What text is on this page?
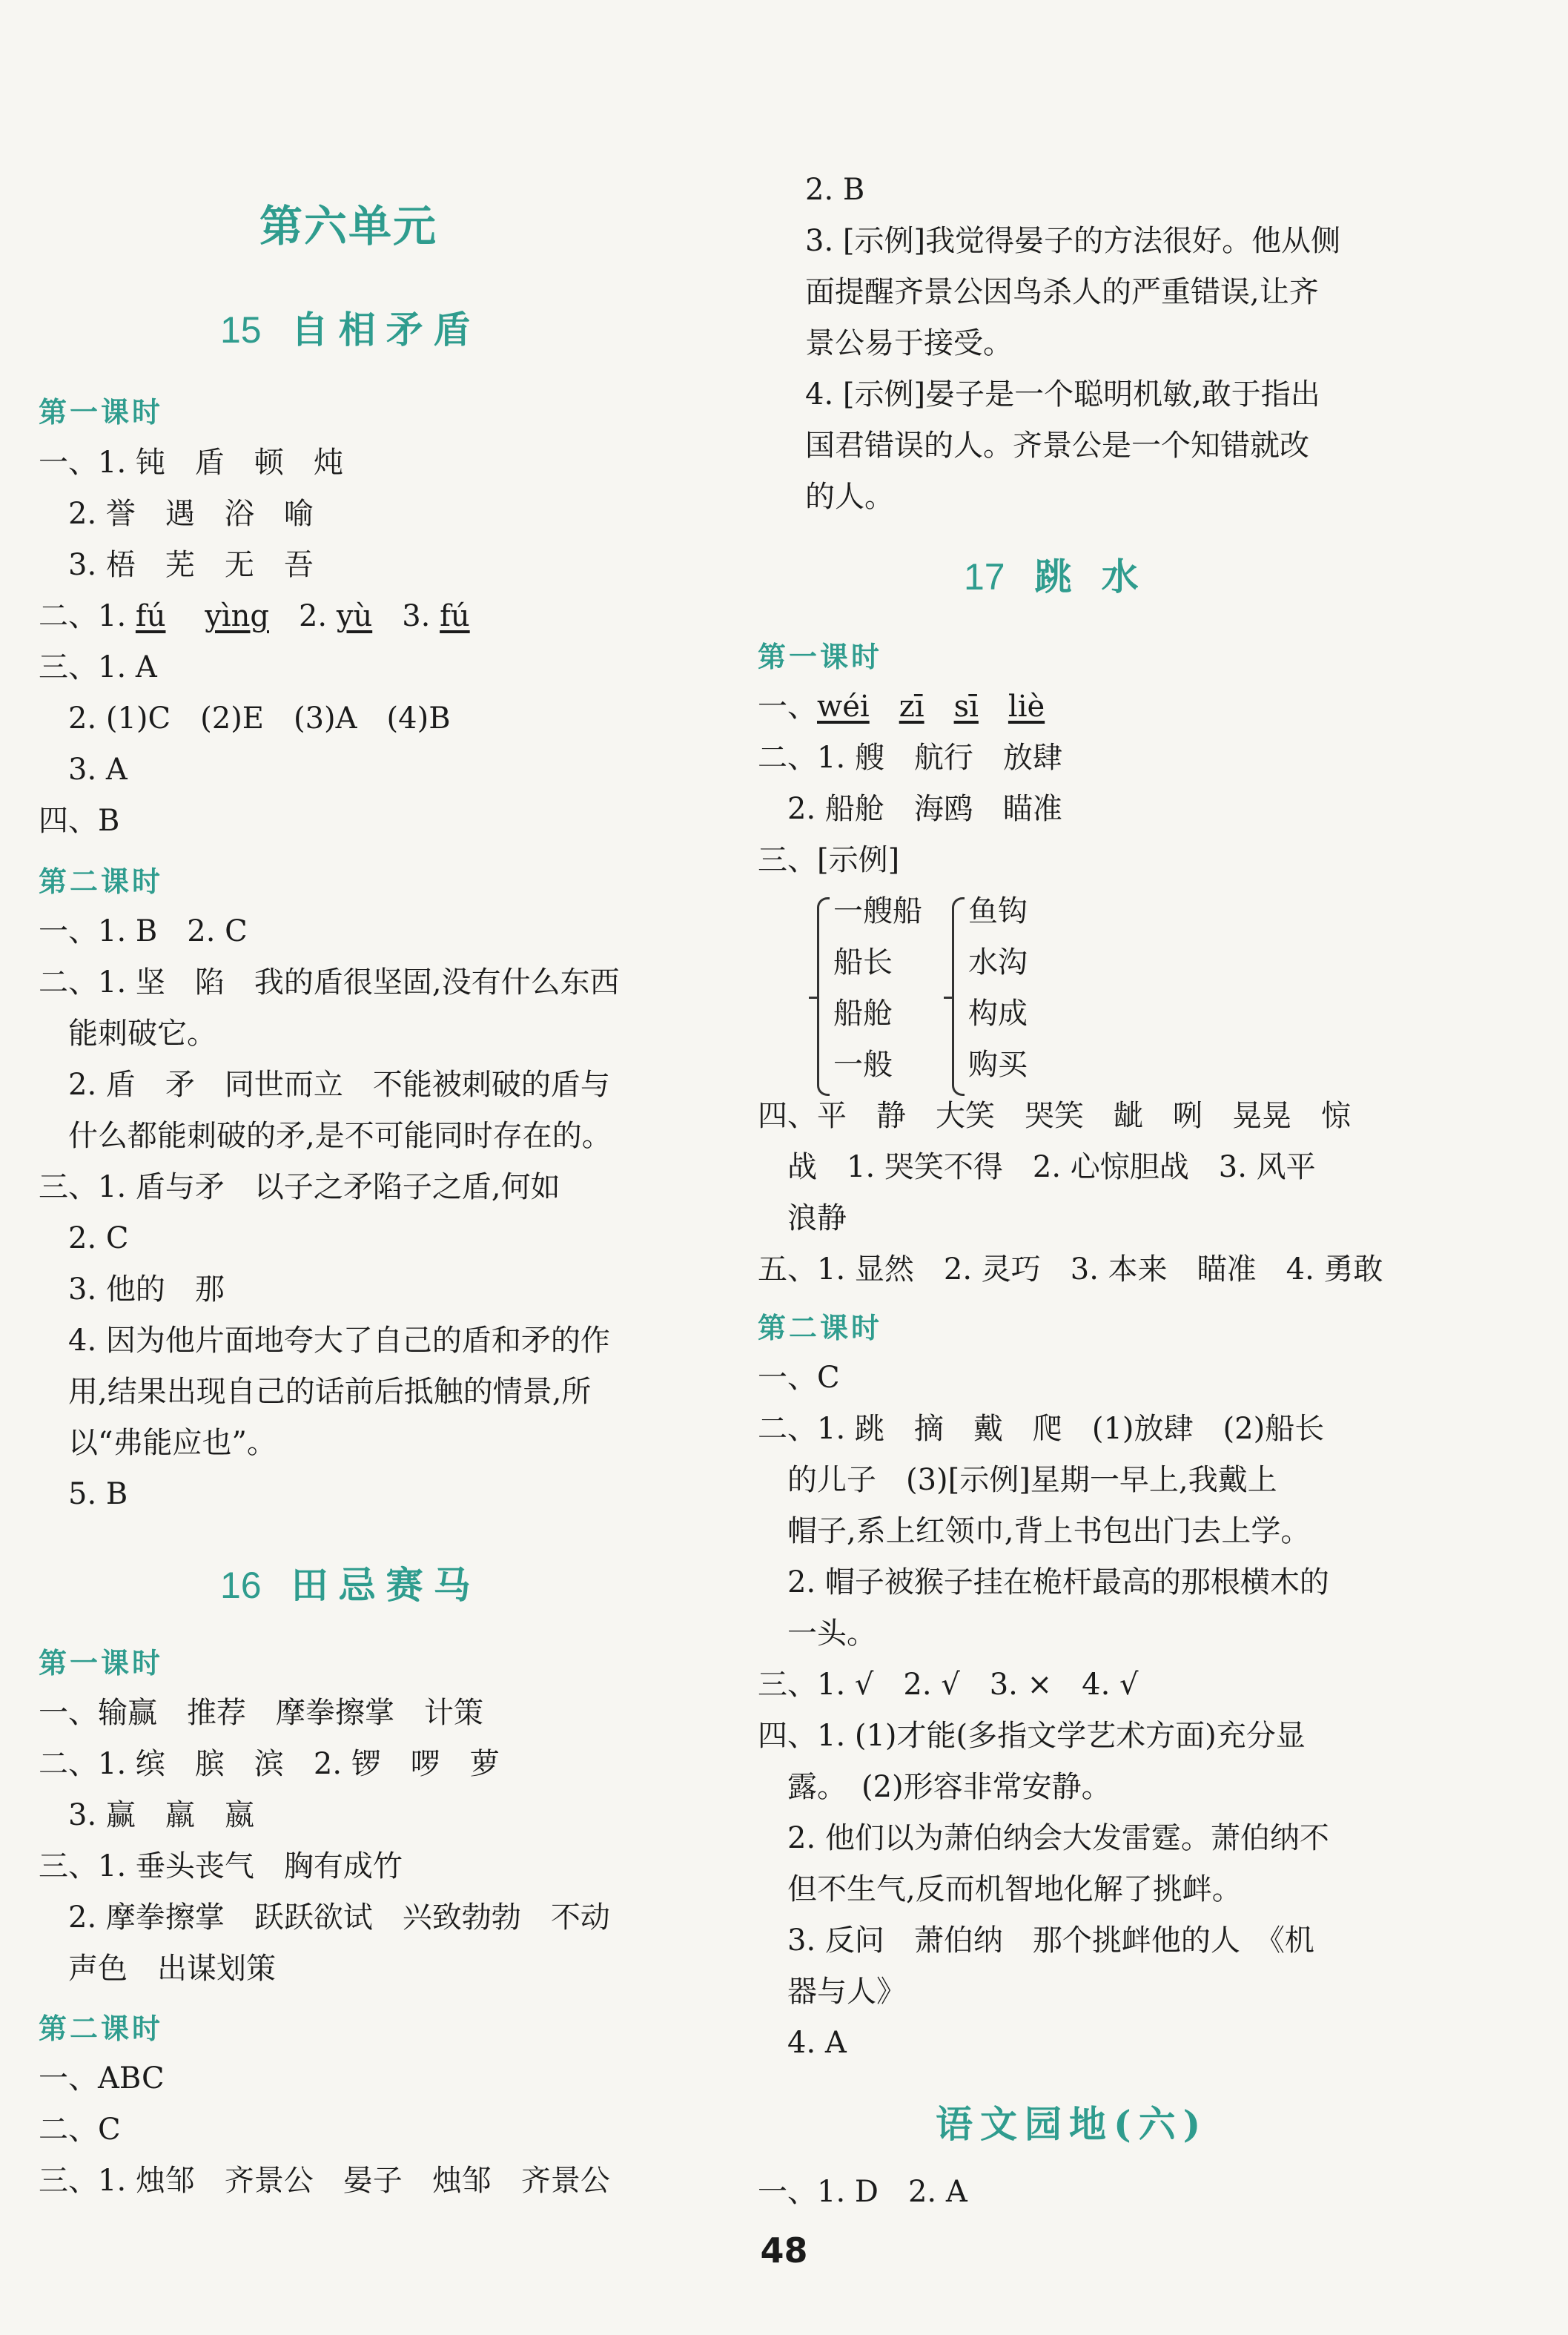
第六单元
15 自相矛盾
第一课时
一、1. 钝　盾　顿　炖
　2. 誉　遇　浴　喻
　3. 梧　芜　无　吾
二、1. fú　 yìng　2. yù　3. fú
三、1. A
　2. (1)C　(2)E　(3)A　(4)B
　3. A
四、B
第二课时
一、1. B　2. C
二、1. 坚　陷　我的盾很坚固,没有什么东西
　能刺破它。
　2. 盾　矛　同世而立　不能被刺破的盾与
　什么都能刺破的矛,是不可能同时存在的。
三、1. 盾与矛　以子之矛陷子之盾,何如
　2. C
　3. 他的　那
　4. 因为他片面地夸大了自己的盾和矛的作
　用,结果出现自己的话前后抵触的情景,所
　以“弗能应也”。
　5. B
16 田忌赛马
第一课时
一、输赢　推荐　摩拳擦掌　计策
二、1. 缤　膑　滨　2. 锣　啰　萝
　3. 赢　羸　嬴
三、1. 垂头丧气　胸有成竹
　2. 摩拳擦掌　跃跃欲试　兴致勃勃　不动
　声色　出谋划策
第二课时
一、ABC
二、C
三、1. 烛邹　齐景公　晏子　烛邹　齐景公
2. B
3. [示例]我觉得晏子的方法很好。他从侧
面提醒齐景公因鸟杀人的严重错误,让齐
景公易于接受。
4. [示例]晏子是一个聪明机敏,敢于指出
国君错误的人。齐景公是一个知错就改
的人。
17 跳水
第一课时
一、wéi　 zī　 sī　 liè
二、1. 艘　航行　放肆
　2. 船舱　海鸥　瞄准
三、[示例]
一艘船
船长
船舱
一般
鱼钩
水沟
构成
购买
四、平　静　大笑　哭笑　龇　咧　晃晃　惊
　战　1. 哭笑不得　2. 心惊胆战　3. 风平
　浪静
五、1. 显然　2. 灵巧　3. 本来　瞄准　4. 勇敢
第二课时
一、C
二、1. 跳　摘　戴　爬　(1)放肆　(2)船长
　的儿子　(3)[示例]星期一早上,我戴上
　帽子,系上红领巾,背上书包出门去上学。
　2. 帽子被猴子挂在桅杆最高的那根横木的
　一头。
三、1. √　2. √　3. ×　4. √
四、1. (1)才能(多指文学艺术方面)充分显
　露。　(2)形容非常安静。
　2. 他们以为萧伯纳会大发雷霆。萧伯纳不
　但不生气,反而机智地化解了挑衅。
　3. 反问　萧伯纳　那个挑衅他的人　《机
　器与人》
　4. A
语文园地(六)
一、1. D　2. A
48
